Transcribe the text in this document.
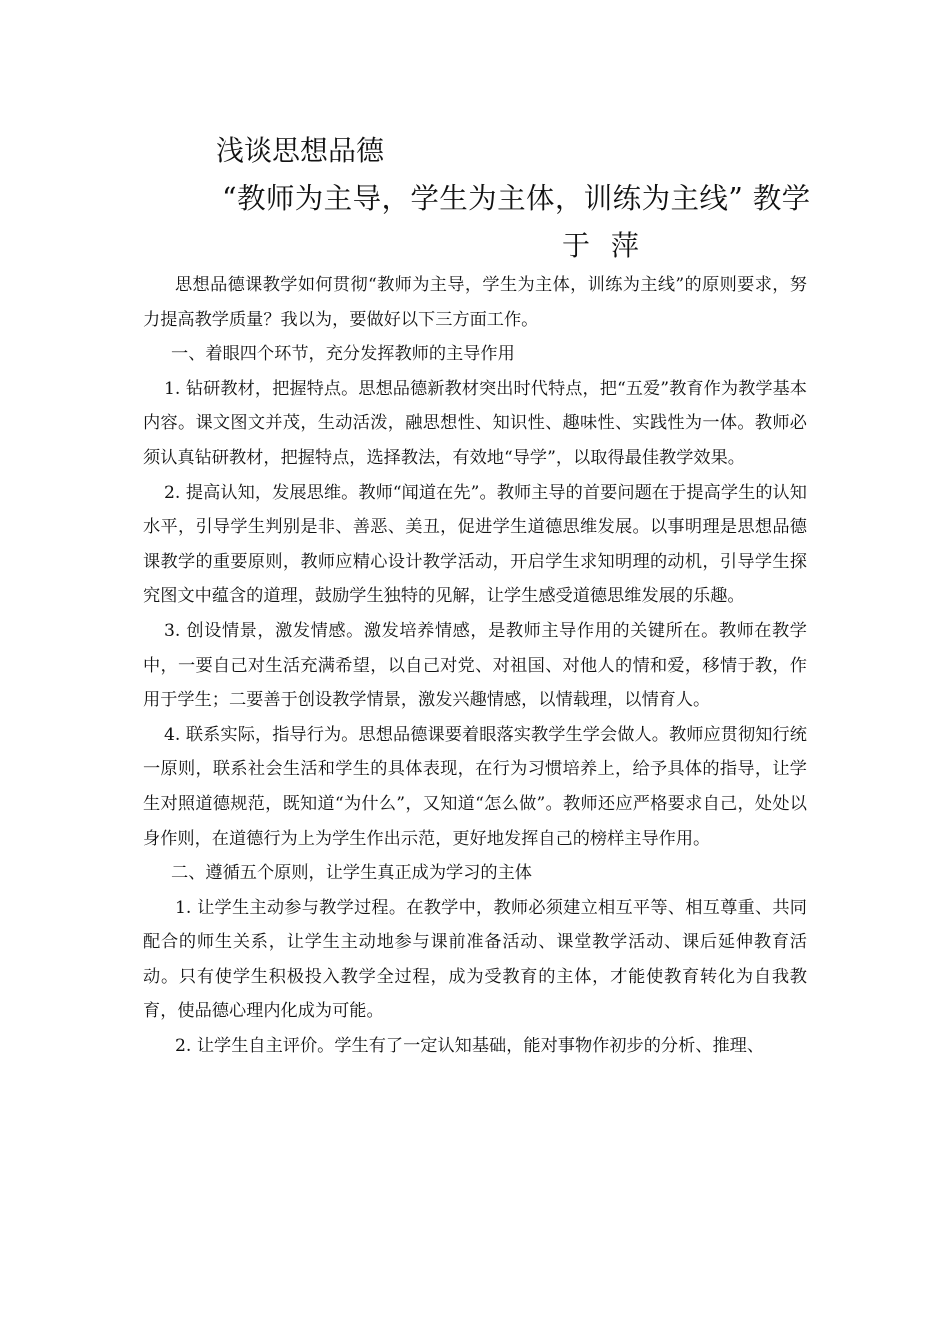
浅谈思想品德
“教师为主导，学生为主体，训练为主线” 教学
于 萍

思想品德课教学如何贯彻“教师为主导，学生为主体，训练为主线”的原则要求，努力提高教学质量？我以为，要做好以下三方面工作。

一、着眼四个环节，充分发挥教师的主导作用

1. 钻研教材，把握特点。思想品德新教材突出时代特点，把“五爱”教育作为教学基本内容。课文图文并茂，生动活泼，融思想性、知识性、趣味性、实践性为一体。教师必须认真钻研教材，把握特点，选择教法，有效地“导学”，以取得最佳教学效果。

2. 提高认知，发展思维。教师“闻道在先”。教师主导的首要问题在于提高学生的认知水平，引导学生判别是非、善恶、美丑，促进学生道德思维发展。以事明理是思想品德课教学的重要原则，教师应精心设计教学活动，开启学生求知明理的动机，引导学生探究图文中蕴含的道理，鼓励学生独特的见解，让学生感受道德思维发展的乐趣。

3. 创设情景，激发情感。激发培养情感，是教师主导作用的关键所在。教师在教学中，一要自己对生活充满希望，以自己对党、对祖国、对他人的情和爱，移情于教，作用于学生；二要善于创设教学情景，激发兴趣情感，以情载理，以情育人。

4. 联系实际，指导行为。思想品德课要着眼落实教学生学会做人。教师应贯彻知行统一原则，联系社会生活和学生的具体表现，在行为习惯培养上，给予具体的指导，让学生对照道德规范，既知道“为什么”，又知道“怎么做”。教师还应严格要求自己，处处以身作则，在道德行为上为学生作出示范，更好地发挥自己的榜样主导作用。

二、遵循五个原则，让学生真正成为学习的主体

1. 让学生主动参与教学过程。在教学中，教师必须建立相互平等、相互尊重、共同配合的师生关系，让学生主动地参与课前准备活动、课堂教学活动、课后延伸教育活动。只有使学生积极投入教学全过程，成为受教育的主体，才能使教育转化为自我教育，使品德心理内化成为可能。

2. 让学生自主评价。学生有了一定认知基础，能对事物作初步的分析、推理、
